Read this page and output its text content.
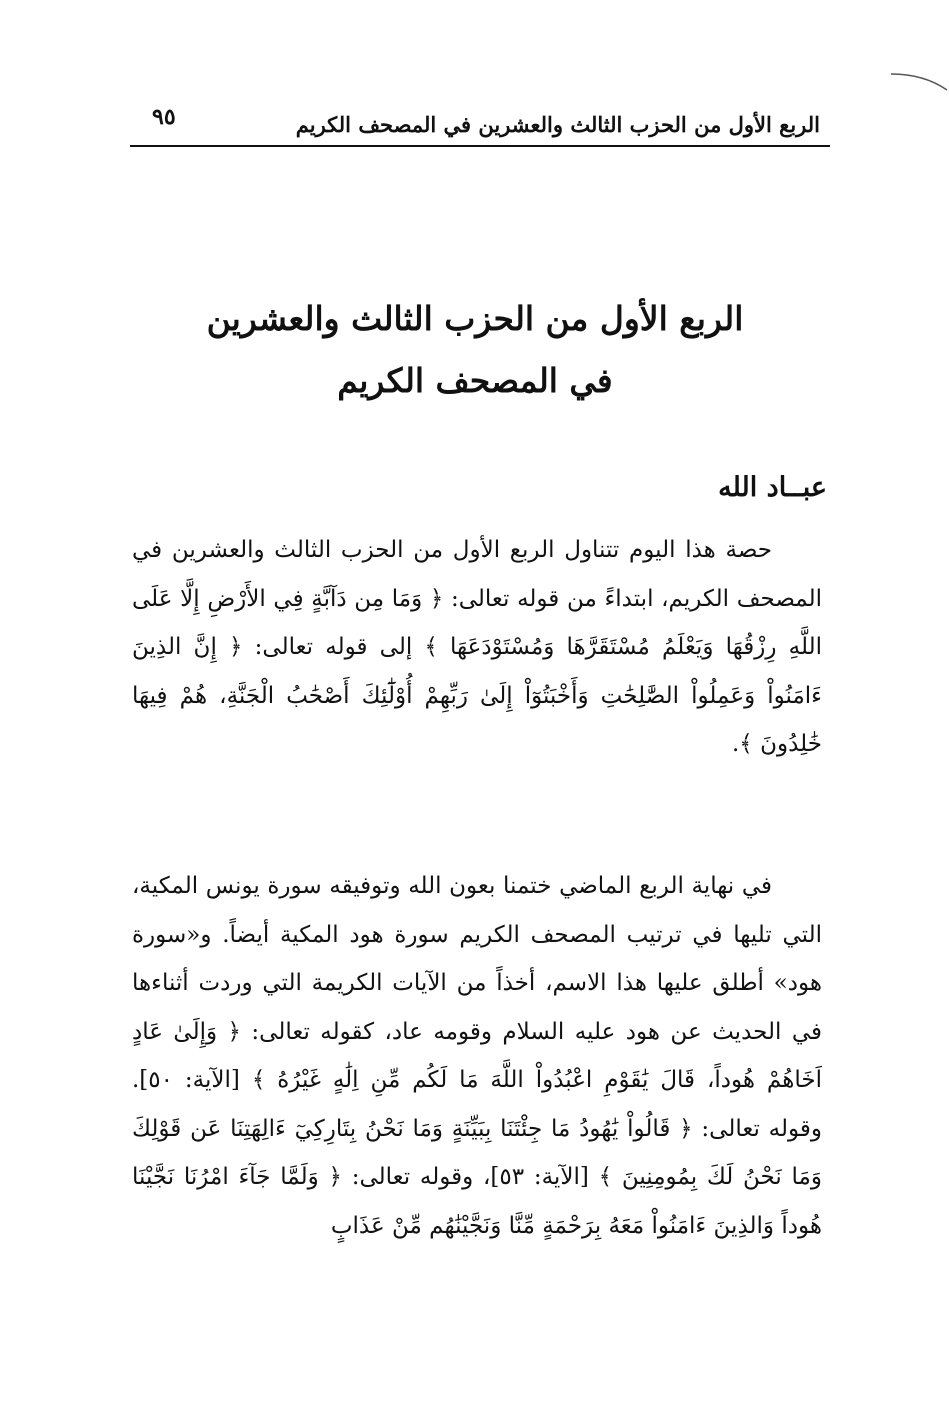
٩٥	الربع الأول من الحزب الثالث والعشرين في المصحف الكريم
الربع الأول من الحزب الثالث والعشرين
في المصحف الكريم
عبــاد الله

حصة هذا اليوم تتناول الربع الأول من الحزب الثالث والعشرين في المصحف الكريم، ابتداءً من قوله تعالى: ﴿ وَمَا مِن دَآبَّةٍ فِي الأَرْضِ إِلَّا عَلَى اللَّهِ رِزْقُهَا وَيَعْلَمُ مُسْتَقَرَّهَا وَمُسْتَوْدَعَهَا ﴾ إلى قوله تعالى: ﴿ إِنَّ الذِينَ ءَامَنُواْ وَعَمِلُواْ الصَّٰلِحَٰتِ وَأَخْبَتُوٓاْ إِلَىٰ رَبِّهِمْ أُوْلَٰٓئِكَ أَصْحَٰبُ الْجَنَّةِ، هُمْ فِيهَا خَٰلِدُونَ ﴾.

في نهاية الربع الماضي ختمنا بعون الله وتوفيقه سورة يونس المكية، التي تليها في ترتيب المصحف الكريم سورة هود المكية أيضاً. و«سورة هود» أطلق عليها هذا الاسم، أخذاً من الآيات الكريمة التي وردت أثناءها في الحديث عن هود عليه السلام وقومه عاد، كقوله تعالى: ﴿ وَإِلَىٰ عَادٍ اَخَاهُمْ هُوداً، قَالَ يَٰقَوْمِ اعْبُدُواْ اللَّهَ مَا لَكُم مِّنِ اِلَٰهٍ غَيْرُهُ ﴾ [الآية: ٥٠]. وقوله تعالى: ﴿ قَالُواْ يَٰهُودُ مَا جِئْتَنَا بِبَيِّنَةٍ وَمَا نَحْنُ بِتَارِكِيٓ ءَالِهَتِنَا عَن قَوْلِكَ وَمَا نَحْنُ لَكَ بِمُومِنِينَ ﴾ [الآية: ٥٣]، وقوله تعالى: ﴿ وَلَمَّا جَآءَ امْرُنَا نَجَّيْنَا هُوداً وَالذِينَ ءَامَنُواْ مَعَهُ بِرَحْمَةٍ مِّنَّا وَنَجَّيْنَٰهُم مِّنْ عَذَابٍ
